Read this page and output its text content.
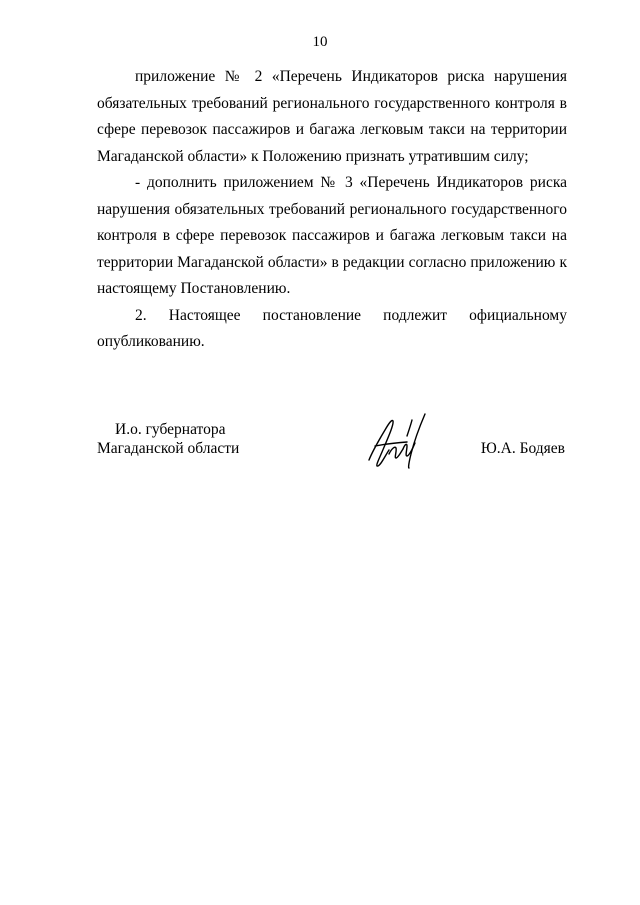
10

приложение № 2 «Перечень Индикаторов риска нарушения обязательных требований регионального государственного контроля в сфере перевозок пассажиров и багажа легковым такси на территории Магаданской области» к Положению признать утратившим силу;

- дополнить приложением № 3 «Перечень Индикаторов риска нарушения обязательных требований регионального государственного контроля в сфере перевозок пассажиров и багажа легковым такси на территории Магаданской области» в редакции согласно приложению к настоящему Постановлению.

2. Настоящее постановление подлежит официальному опубликованию.

И.о. губернатора
Магаданской области	Ю.А. Бодяев
